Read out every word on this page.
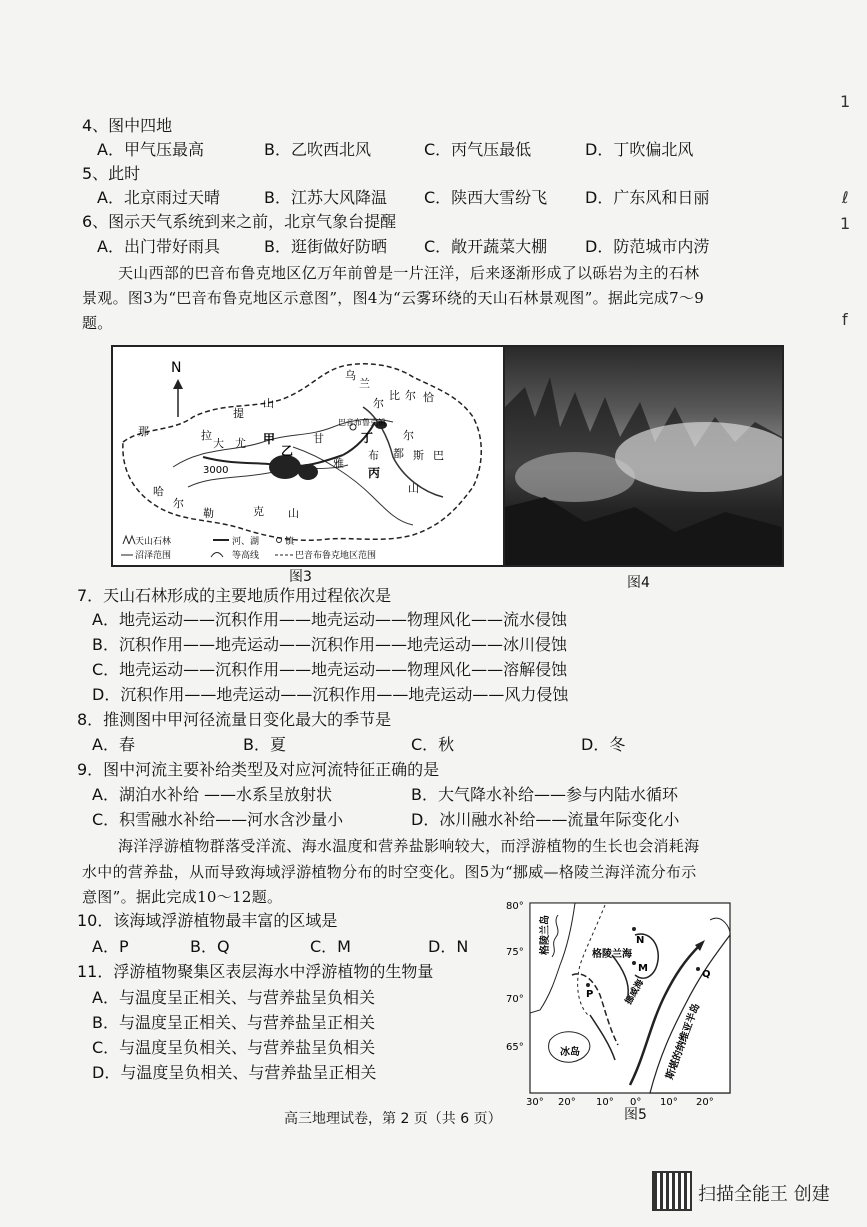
4、图中四地
A．甲气压最高	B．乙吹西北风	C．丙气压最低	D．丁吹偏北风
5、此时
A．北京雨过天晴	B．江苏大风降温 C．陕西大雪纷飞 D．广东风和日丽
6、图示天气系统到来之前，北京气象台提醒
A．出门带好雨具	B．逛街做好防晒 C．敞开蔬菜大棚 D．防范城市内涝
天山西部的巴音布鲁克地区亿万年前曾是一片汪洋，后来逐渐形成了以砾岩为主的石林
景观。图3为“巴音布鲁克地区示意图”，图4为“云雾环绕的天山石林景观图”。据此完成7～9
题。
N
拉
提
山
那
大 尤 甲
乙
甘
雅
丁
布
尔
都 斯 巴
山
哈
尔
勒	克 山
3000
巴音布鲁克镇
乌
兰
尔
比 尔 恰
丙
天山石林	河、湖	镇
沼泽范围	等高线	巴音布鲁克地区范围
图3	图4
7．天山石林形成的主要地质作用过程依次是
A．地壳运动——沉积作用——地壳运动——物理风化——流水侵蚀
B．沉积作用——地壳运动——沉积作用——地壳运动——冰川侵蚀
C．地壳运动——沉积作用——地壳运动——物理风化——溶解侵蚀
D．沉积作用——地壳运动——沉积作用——地壳运动——风力侵蚀
8．推测图中甲河径流量日变化最大的季节是
A．春	B．夏	C．秋	D．冬
9．图中河流主要补给类型及对应河流特征正确的是
A．湖泊水补给 ——水系呈放射状	B．大气降水补给——参与内陆水循环
C．积雪融水补给——河水含沙量小	D．冰川融水补给——流量年际变化小
海洋浮游植物群落受洋流、海水温度和营养盐影响较大，而浮游植物的生长也会消耗海
水中的营养盐，从而导致海域浮游植物分布的时空变化。图5为“挪威—格陵兰海洋流分布示
意图”。据此完成10～12题。
10．该海域浮游植物最丰富的区域是
A．P	B．Q	C．M	D．N
11．浮游植物聚集区表层海水中浮游植物的生物量
A．与温度呈正相关、与营养盐呈负相关
B．与温度呈正相关、与营养盐呈正相关
C．与温度呈负相关、与营养盐呈负相关
D．与温度呈负相关、与营养盐呈正相关
80°
75°
70°
65°
30° 20° 10° 0° 10° 20°
格陵兰岛	格陵兰海
挪威海
斯堪的纳维亚半岛
冰岛
N
M
P
Q
图5
高三地理试卷，第 2 页（共 6 页）
扫描全能王 创建
1
1
f
ℓ
